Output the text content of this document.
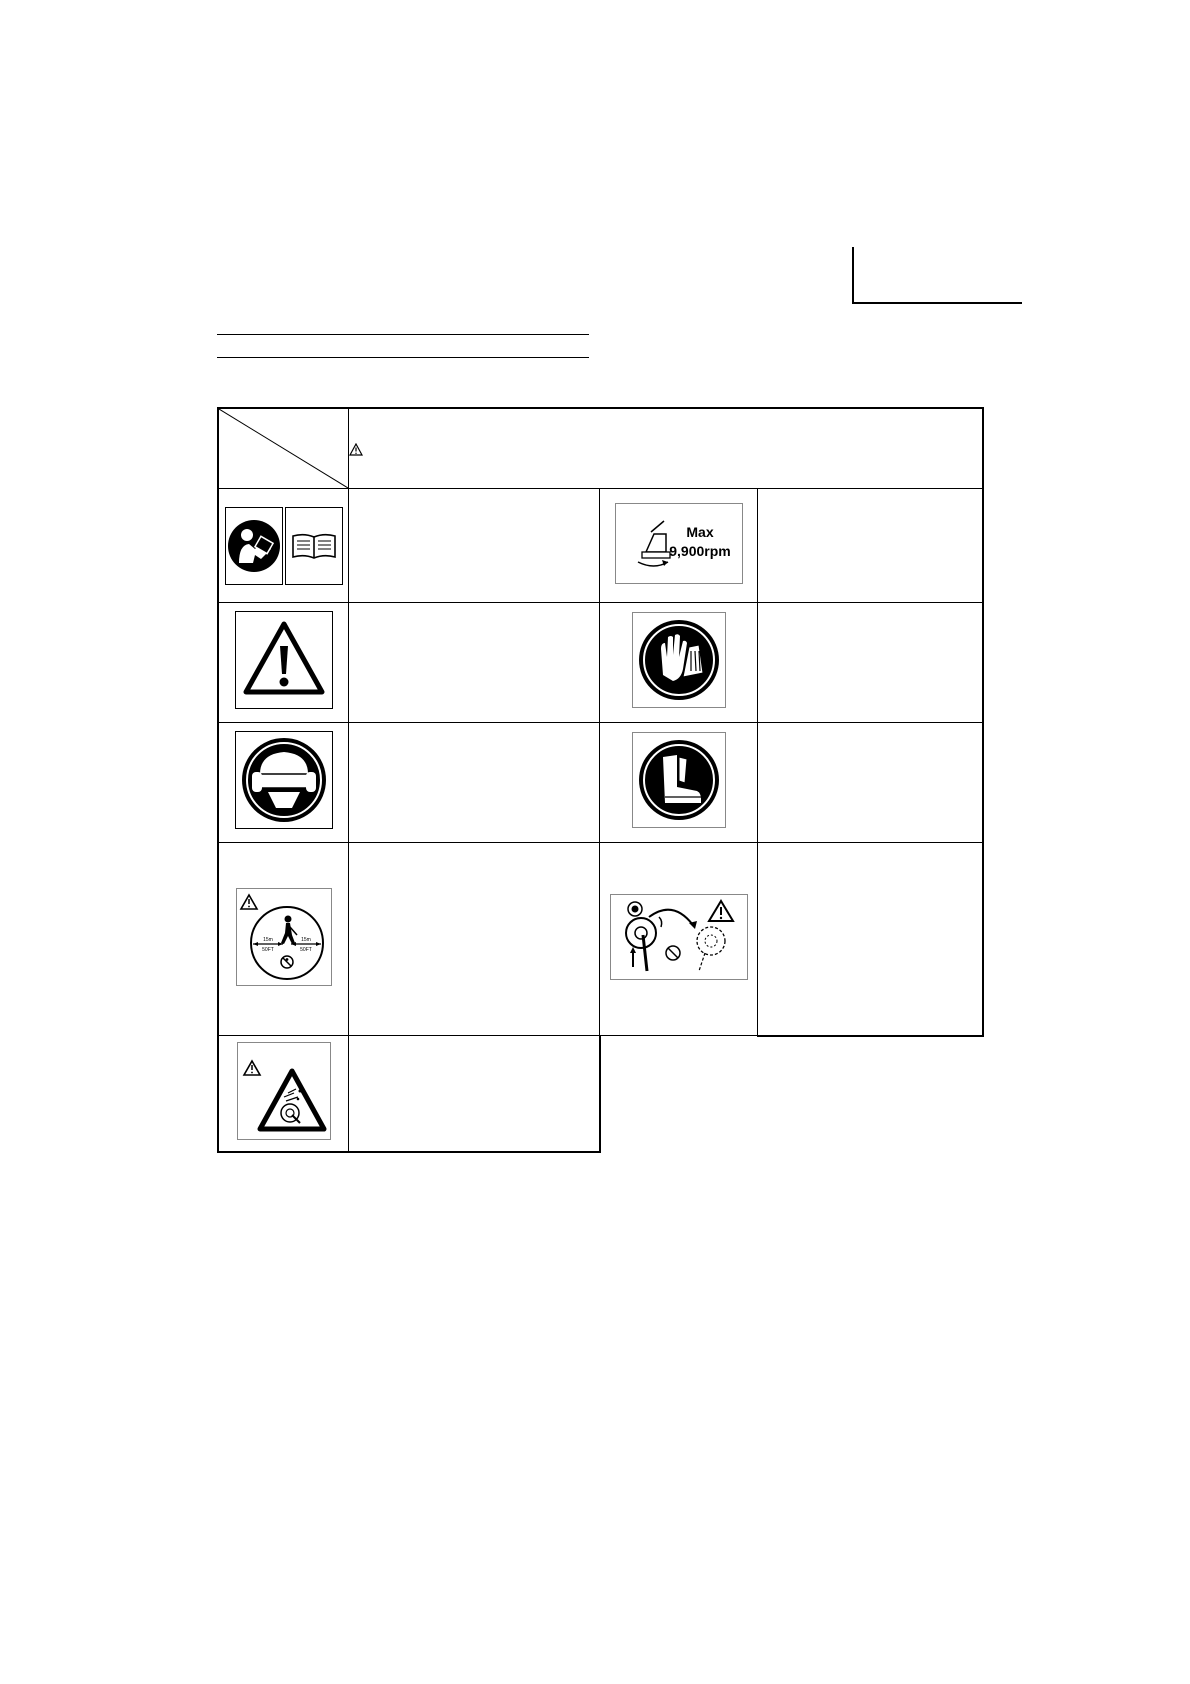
Max
9,900rpm	

15m
50FT
15m
50FT
